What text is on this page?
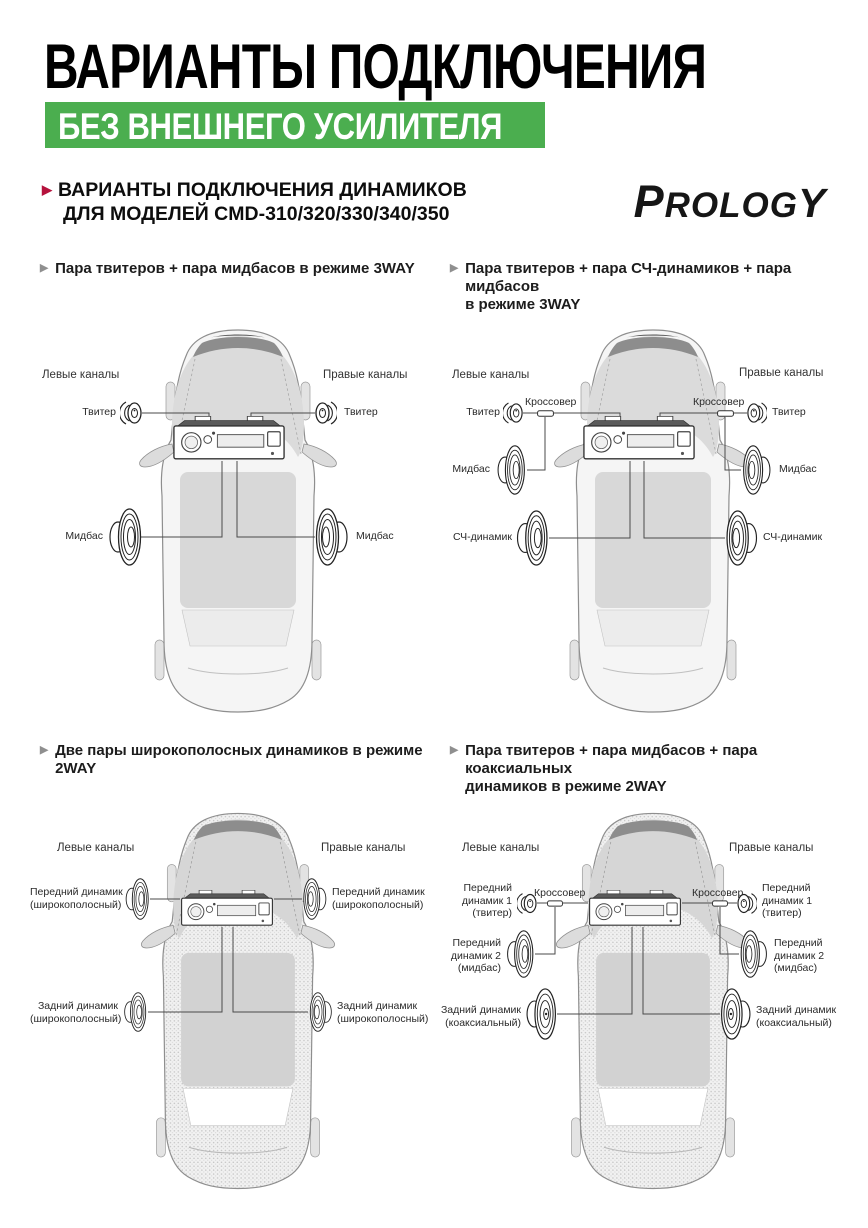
ВАРИАНТЫ ПОДКЛЮЧЕНИЯ
БЕЗ ВНЕШНЕГО УСИЛИТЕЛЯ
▶ ВАРИАНТЫ ПОДКЛЮЧЕНИЯ ДИНАМИКОВ
ДЛЯ МОДЕЛЕЙ CMD-310/320/330/340/350	PROLOGY
▶ Пара твитеров + пара мидбасов в режиме 3WAY
Левые каналы	Правые каналы
Твитер	Твитер
Мидбас	Мидбас
▶ Пара твитеров + пара СЧ-динамиков + пара мидбасов
в режиме 3WAY
Левые каналы	Правые каналы
Твитер
Кроссовер	Кроссовер
Твитер
Мидбас	Мидбас
СЧ-динамик	СЧ-динамик
▶ Две пары широкополосных динамиков в режиме
2WAY
Левые каналы	Правые каналы
Передний динамик
(широкополосный)
Передний динамик
(широкополосный)
Задний динамик
(широкополосный)
Задний динамик
(широкополосный)
▶ Пара твитеров + пара мидбасов + пара коаксиальных
динамиков в режиме 2WAY
Левые каналы	Правые каналы
Передний
динамик 1
(твитер)
Кроссовер	Кроссовер Передний
динамик 1
(твитер)
Передний
динамик 2
(мидбас)
Передний
динамик 2
(мидбас)
Задний динамик
(коаксиальный)
Задний динамик
(коаксиальный)
